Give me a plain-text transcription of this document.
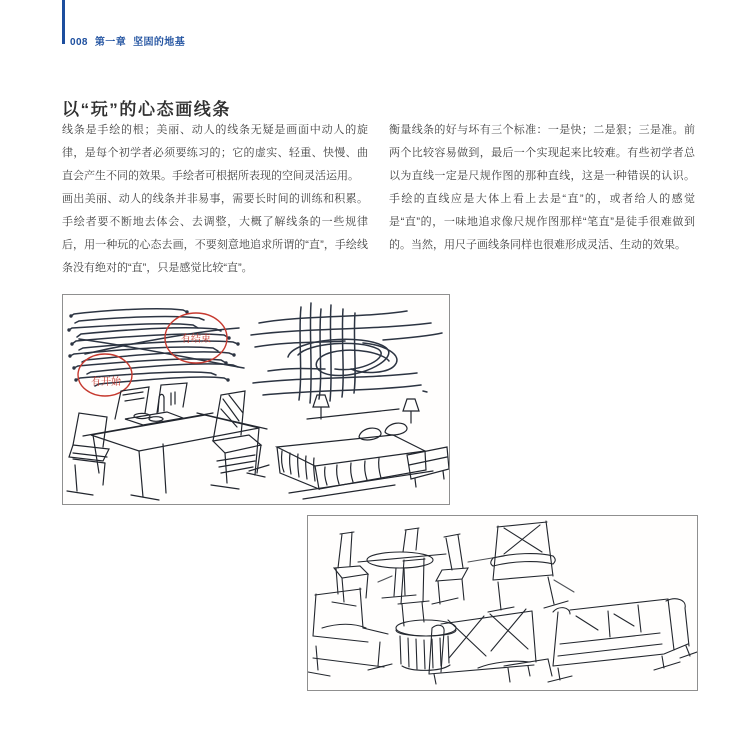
008 第一章 坚固的地基
以“玩”的心态画线条

线条是手绘的根；美丽、动人的线条无疑是画面中动人的旋律，是每个初学者必须要练习的；它的虚实、轻重、快慢、曲直会产生不同的效果。手绘者可根据所表现的空间灵活运用。

画出美丽、动人的线条并非易事，需要长时间的训练和积累。手绘者要不断地去体会、去调整，大概了解线条的一些规律后，用一种玩的心态去画，不要刻意地追求所谓的“直”，手绘线条没有绝对的“直”，只是感觉比较“直”。

衡量线条的好与坏有三个标准：一是快；二是狠；三是准。前两个比较容易做到，最后一个实现起来比较难。有些初学者总以为直线一定是尺规作图的那种直线，这是一种错误的认识。手绘的直线应是大体上看上去是“直”的，或者给人的感觉是“直”的，一味地追求像尺规作图那样“笔直”是徒手很难做到的。当然，用尺子画线条同样也很难形成灵活、生动的效果。

有结束
有开始
